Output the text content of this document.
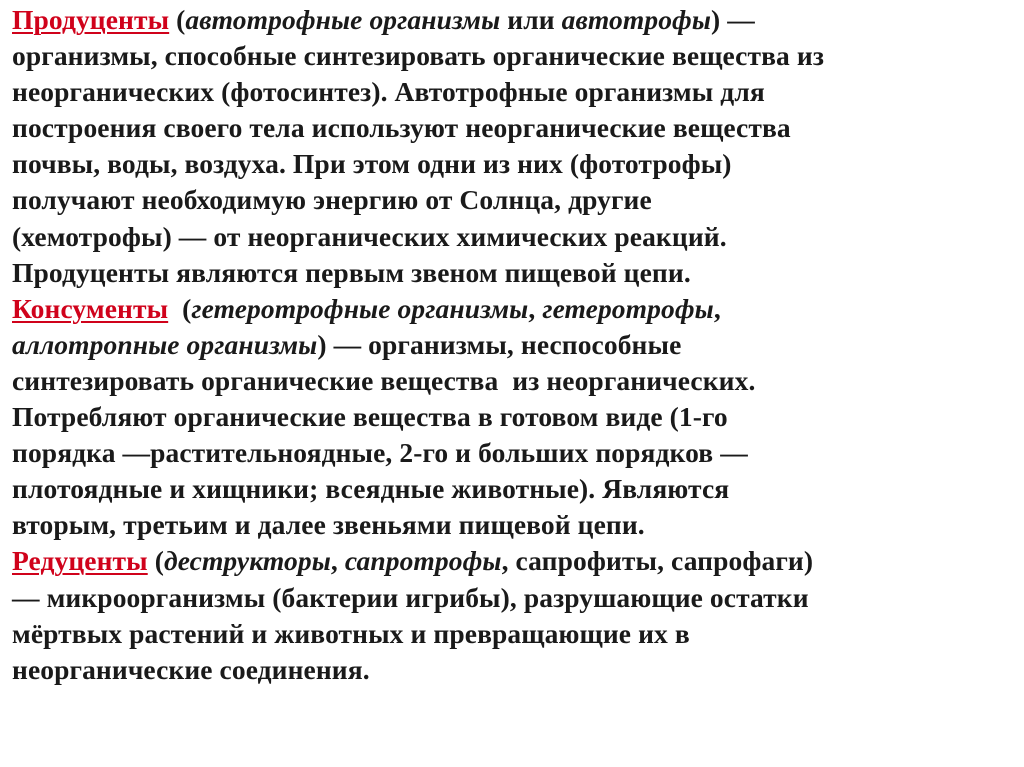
Продуценты (автотрофные организмы или автотрофы) —
организмы, способные синтезировать органические вещества из
неорганических (фотосинтез). Автотрофные организмы для
построения своего тела используют неорганические вещества
почвы, воды, воздуха. При этом одни из них (фототрофы)
получают необходимую энергию от Солнца, другие
(хемотрофы) — от неорганических химических реакций.
Продуценты являются первым звеном пищевой цепи.
Консументы  (гетеротрофные организмы, гетеротрофы,
аллотропные организмы) — организмы, неспособные
синтезировать органические вещества  из неорганических.
Потребляют органические вещества в готовом виде (1-го
порядка —растительноядные, 2-го и больших порядков —
плотоядные и хищники; всеядные животные). Являются
вторым, третьим и далее звеньями пищевой цепи.
Редуценты (деструкторы, сапротрофы, сапрофиты, сапрофаги)
— микроорганизмы (бактерии игрибы), разрушающие остатки
мёртвых растений и животных и превращающие их в
неорганические соединения.
